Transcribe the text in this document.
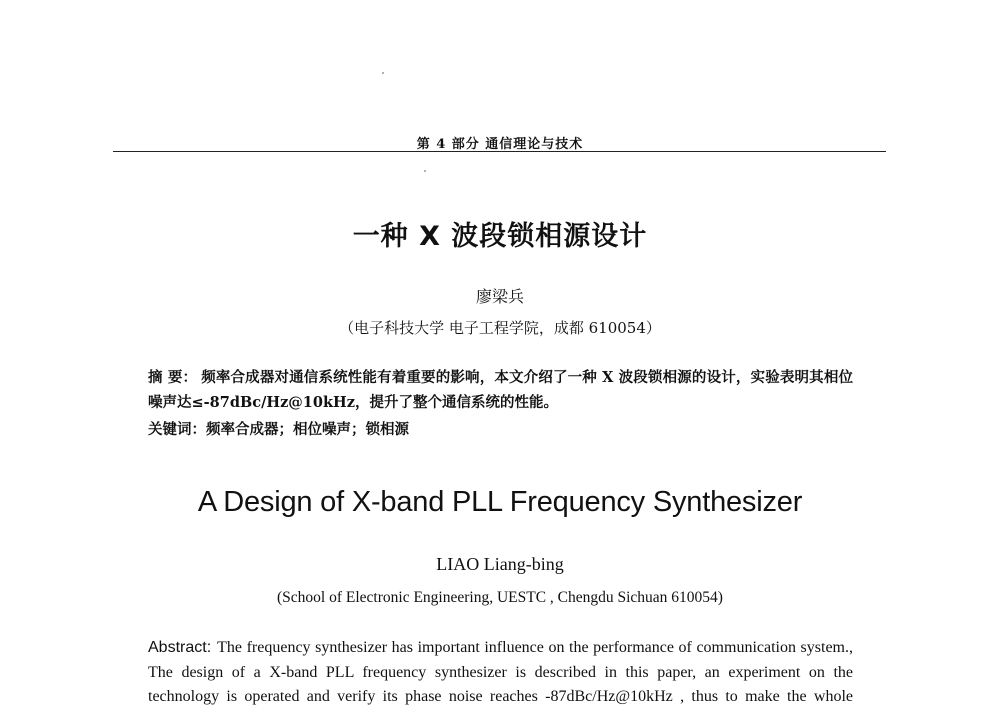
第 4 部分 通信理论与技术
一种 X 波段锁相源设计
廖梁兵
（电子科技大学 电子工程学院，成都 610054）
摘 要： 频率合成器对通信系统性能有着重要的影响，本文介绍了一种 X 波段锁相源的设计，实验表明其相位噪声达≤-87dBc/Hz@10kHz，提升了整个通信系统的性能。
关键词：频率合成器；相位噪声；锁相源
A Design of X-band PLL Frequency Synthesizer
LIAO Liang-bing
(School of Electronic Engineering, UESTC , Chengdu Sichuan 610054)
Abstract: The frequency synthesizer has important influence on the performance of communication system., The design of a X-band PLL frequency synthesizer is described in this paper, an experiment on the technology is operated and verify its phase noise reaches -87dBc/Hz@10kHz , thus to make the whole
